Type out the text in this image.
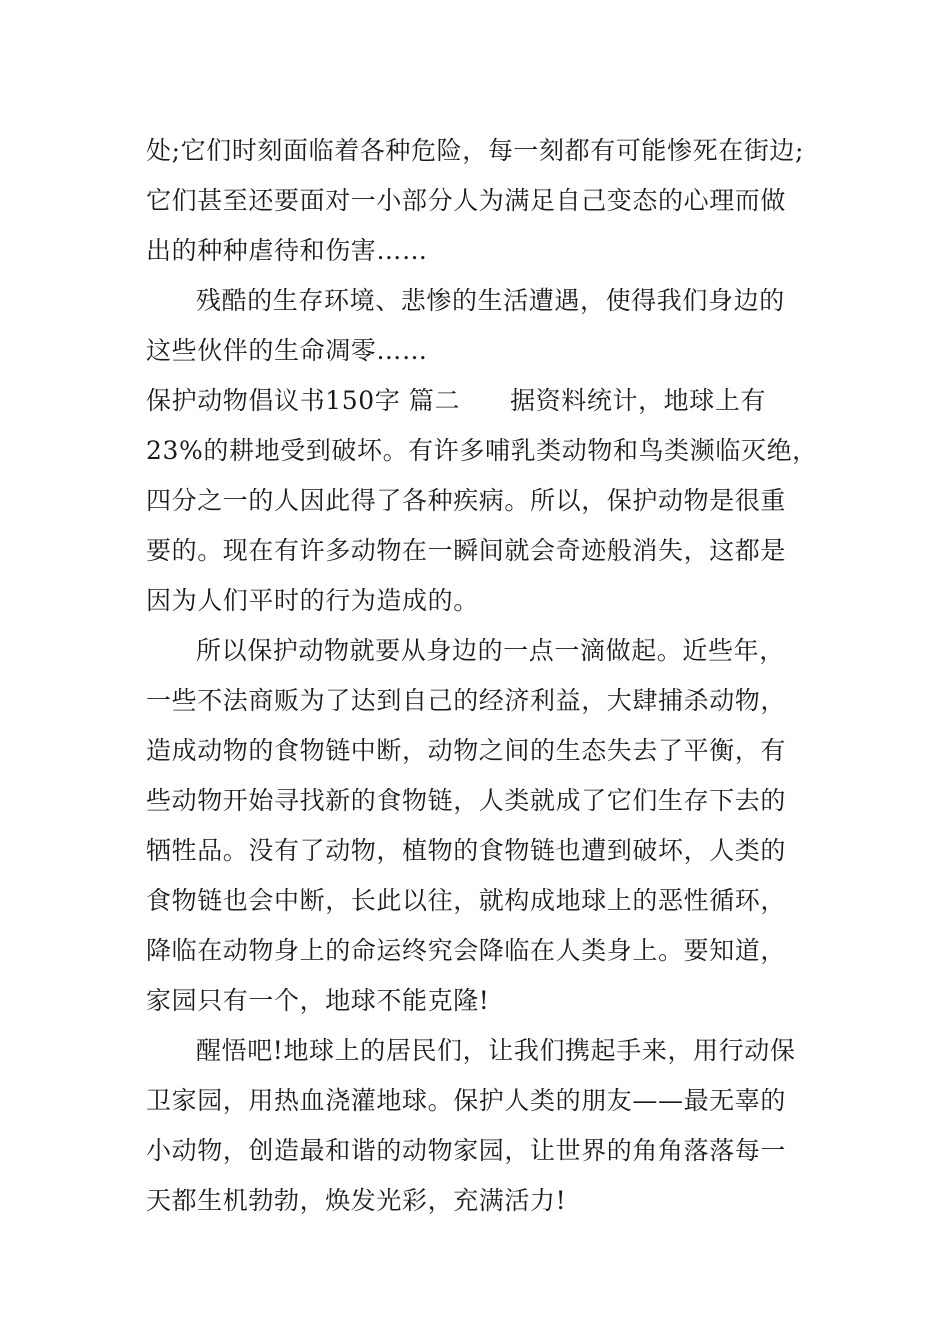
处;它们时刻面临着各种危险，每一刻都有可能惨死在街边;
它们甚至还要面对一小部分人为满足自己变态的心理而做
出的种种虐待和伤害……
残酷的生存环境、悲惨的生活遭遇，使得我们身边的
这些伙伴的生命凋零……
保护动物倡议书150字 篇二 据资料统计，地球上有
23%的耕地受到破坏。有许多哺乳类动物和鸟类濒临灭绝，
四分之一的人因此得了各种疾病。所以，保护动物是很重
要的。现在有许多动物在一瞬间就会奇迹般消失，这都是
因为人们平时的行为造成的。
所以保护动物就要从身边的一点一滴做起。近些年，
一些不法商贩为了达到自己的经济利益，大肆捕杀动物，
造成动物的食物链中断，动物之间的生态失去了平衡，有
些动物开始寻找新的食物链，人类就成了它们生存下去的
牺牲品。没有了动物，植物的食物链也遭到破坏，人类的
食物链也会中断，长此以往，就构成地球上的恶性循环，
降临在动物身上的命运终究会降临在人类身上。要知道，
家园只有一个，地球不能克隆!
醒悟吧!地球上的居民们，让我们携起手来，用行动保
卫家园，用热血浇灌地球。保护人类的朋友——最无辜的
小动物，创造最和谐的动物家园，让世界的角角落落每一
天都生机勃勃，焕发光彩，充满活力!
